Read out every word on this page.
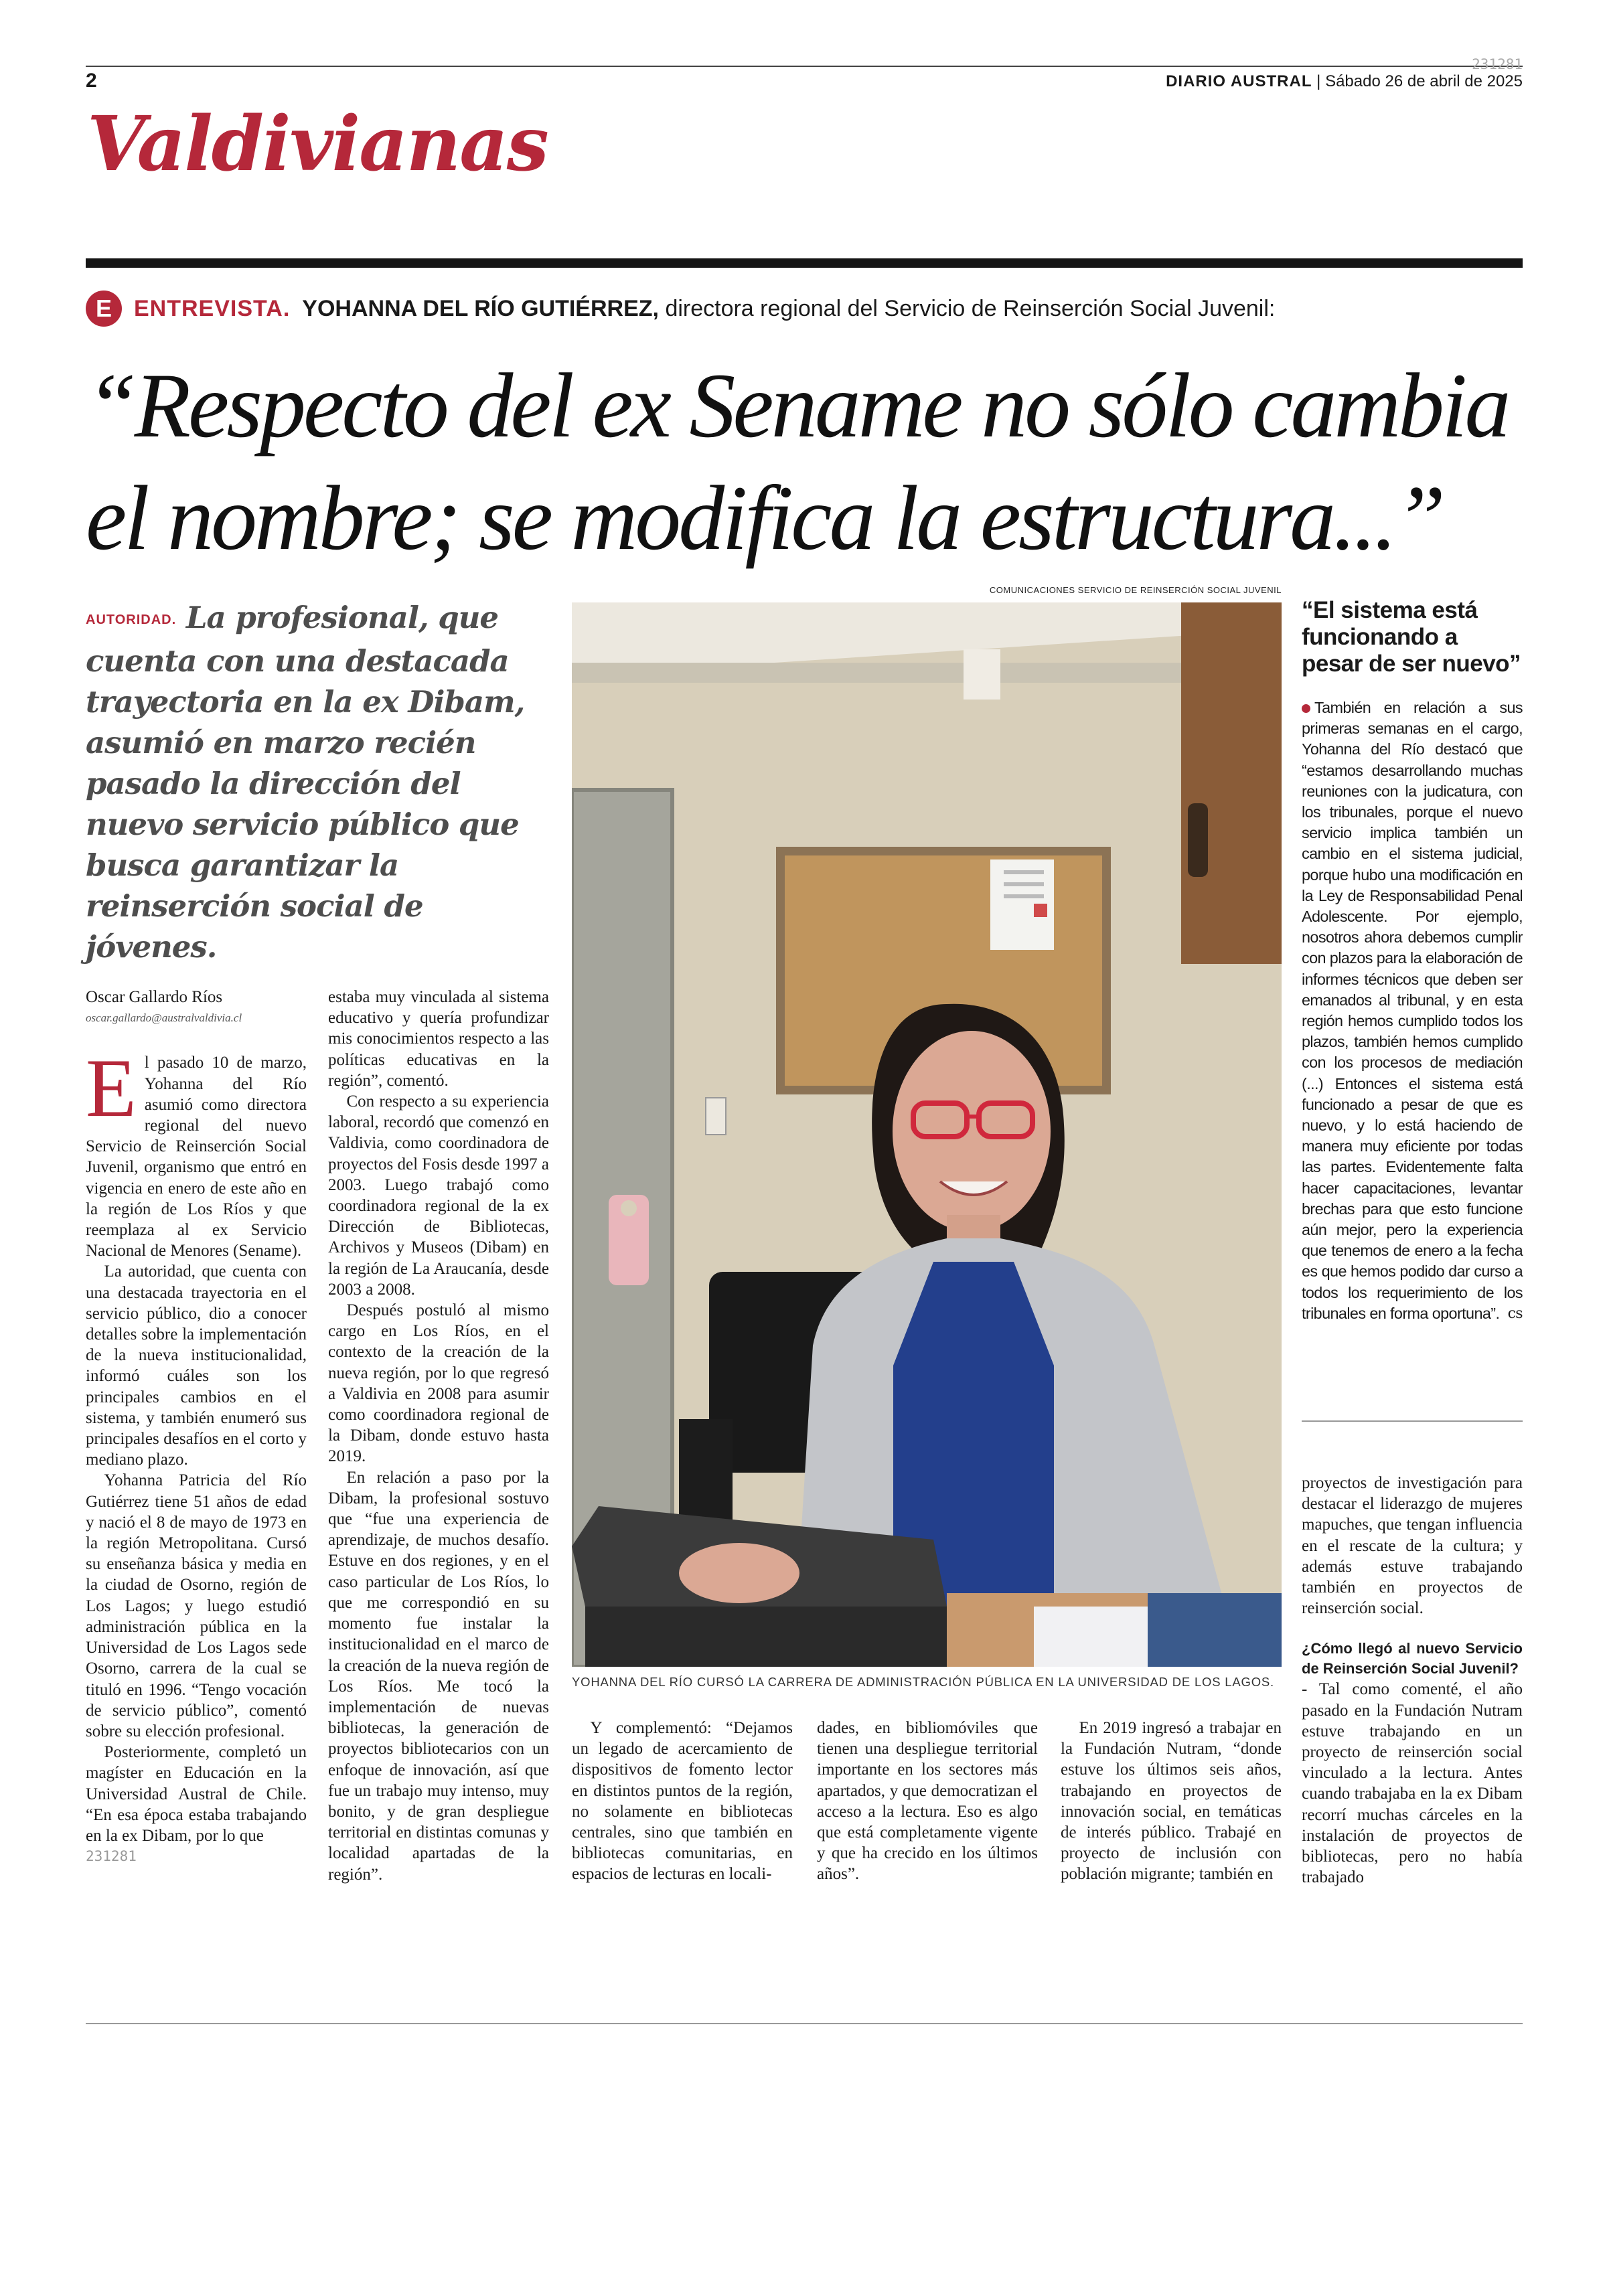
2
231281
DIARIO AUSTRAL | Sábado 26 de abril de 2025
Valdivianas
E ENTREVISTA. YOHANNA DEL RÍO GUTIÉRREZ, directora regional del Servicio de Reinserción Social Juvenil:
“Respecto del ex Sename no sólo cambia el nombre; se modifica la estructura...”
AUTORIDAD. La profesional, que cuenta con una destacada trayectoria en la ex Dibam, asumió en marzo recién pasado la dirección del nuevo servicio público que busca garantizar la reinserción social de jóvenes.
COMUNICACIONES SERVICIO DE REINSERCIÓN SOCIAL JUVENIL
YOHANNA DEL RÍO CURSÓ LA CARRERA DE ADMINISTRACIÓN PÚBLICA EN LA UNIVERSIDAD DE LOS LAGOS.
Oscar Gallardo Ríos
oscar.gallardo@australvaldivia.cl

El pasado 10 de marzo, Yohanna del Río asumió como directora regional del nuevo Servicio de Reinserción Social Juvenil, organismo que entró en vigencia en enero de este año en la región de Los Ríos y que reemplaza al ex Servicio Nacional de Menores (Sename).

La autoridad, que cuenta con una destacada trayectoria en el servicio público, dio a conocer detalles sobre la implementación de la nueva institucionalidad, informó cuáles son los principales cambios en el sistema, y también enumeró sus principales desafíos en el corto y mediano plazo.

Yohanna Patricia del Río Gutiérrez tiene 51 años de edad y nació el 8 de mayo de 1973 en la región Metropolitana. Cursó su enseñanza básica y media en la ciudad de Osorno, región de Los Lagos; y luego estudió administración pública en la Universidad de Los Lagos sede Osorno, carrera de la cual se tituló en 1996. “Tengo vocación de servicio público”, comentó sobre su elección profesional.

Posteriormente, completó un magíster en Educación en la Universidad Austral de Chile. “En esa época estaba trabajando en la ex Dibam, por lo que

231281

estaba muy vinculada al sistema educativo y quería profundizar mis conocimientos respecto a las políticas educativas en la región”, comentó.

Con respecto a su experiencia laboral, recordó que comenzó en Valdivia, como coordinadora de proyectos del Fosis desde 1997 a 2003. Luego trabajó como coordinadora regional de la ex Dirección de Bibliotecas, Archivos y Museos (Dibam) en la región de La Araucanía, desde 2003 a 2008.

Después postuló al mismo cargo en Los Ríos, en el contexto de la creación de la nueva región, por lo que regresó a Valdivia en 2008 para asumir como coordinadora regional de la Dibam, donde estuvo hasta 2019.

En relación a paso por la Dibam, la profesional sostuvo que “fue una experiencia de aprendizaje, de muchos desafío. Estuve en dos regiones, y en el caso particular de Los Ríos, lo que me correspondió en su momento fue instalar la institucionalidad en el marco de la creación de la nueva región de Los Ríos. Me tocó la implementación de nuevas bibliotecas, la generación de proyectos bibliotecarios con un enfoque de innovación, así que fue un trabajo muy intenso, muy bonito, y de gran despliegue territorial en distintas comunas y localidad apartadas de la región”.

Y complementó: “Dejamos un legado de acercamiento de dispositivos de fomento lector en distintos puntos de la región, no solamente en bibliotecas centrales, sino que también en bibliotecas comunitarias, en espacios de lecturas en locali-

dades, en bibliomóviles que tienen una despliegue territorial importante en los sectores más apartados, y que democratizan el acceso a la lectura. Eso es algo que está completamente vigente y que ha crecido en los últimos años”.

En 2019 ingresó a trabajar en la Fundación Nutram, “donde estuve los últimos seis años, trabajando en proyectos de innovación social, en temáticas de interés público. Trabajé en proyecto de inclusión con población migrante; también en

“El sistema está funcionando a pesar de ser nuevo”
También en relación a sus primeras semanas en el cargo, Yohanna del Río destacó que “estamos desarrollando muchas reuniones con la judicatura, con los tribunales, porque el nuevo servicio implica también un cambio en el sistema judicial, porque hubo una modificación en la Ley de Responsabilidad Penal Adolescente. Por ejemplo, nosotros ahora debemos cumplir con plazos para la elaboración de informes técnicos que deben ser emanados al tribunal, y en esta región hemos cumplido todos los plazos, también hemos cumplido con los procesos de mediación (...) Entonces el sistema está funcionado a pesar de que es nuevo, y lo está haciendo de manera muy eficiente por todas las partes. Evidentemente falta hacer capacitaciones, levantar brechas para que esto funcione aún mejor, pero la experiencia que tenemos de enero a la fecha es que hemos podido dar curso a todos los requerimiento de los tribunales en forma oportuna”. cs

proyectos de investigación para destacar el liderazgo de mujeres mapuches, que tengan influencia en el rescate de la cultura; y además estuve trabajando también en proyectos de reinserción social.

¿Cómo llegó al nuevo Servicio de Reinserción Social Juvenil?

- Tal como comenté, el año pasado en la Fundación Nutram estuve trabajando en un proyecto de reinserción social vinculado a la lectura. Antes cuando trabajaba en la ex Dibam recorrí muchas cárceles en la instalación de proyectos de bibliotecas, pero no había trabajado
